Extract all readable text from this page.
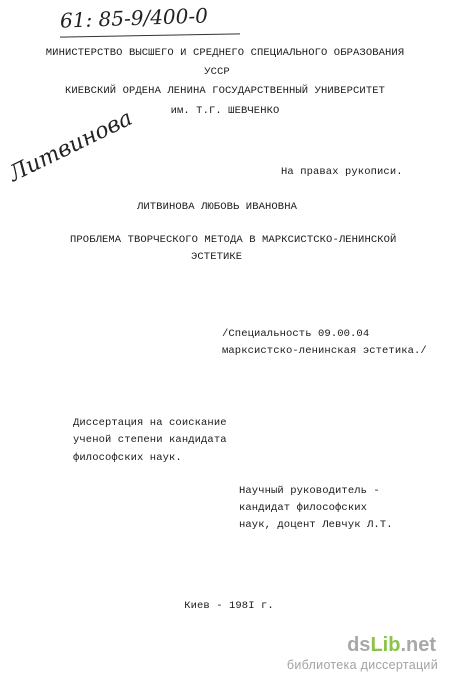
61: 85-9/400-0
МИНИСТЕРСТВО ВЫСШЕГО И СРЕДНЕГО СПЕЦИАЛЬНОГО ОБРАЗОВАНИЯ
УССР
КИЕВСКИЙ ОРДЕНА ЛЕНИНА ГОСУДАРСТВЕННЫЙ УНИВЕРСИТЕТ
им. Т.Г. ШЕВЧЕНКО
Литвинова	На правах рукописи.
ЛИТВИНОВА ЛЮБОВЬ ИВАНОВНА
ПРОБЛЕМА ТВОРЧЕСКОГО МЕТОДА В МАРКСИСТСКО-ЛЕНИНСКОЙ
ЭСТЕТИКЕ
/Специальность 09.00.04
марксистско-ленинская эстетика./
Диссертация на соискание
ученой степени кандидата
философских наук.
Научный руководитель -
кандидат философских
наук, доцент Левчук Л.Т.
Киев - 198I г.
dsLib.net
библиотека диссертаций
